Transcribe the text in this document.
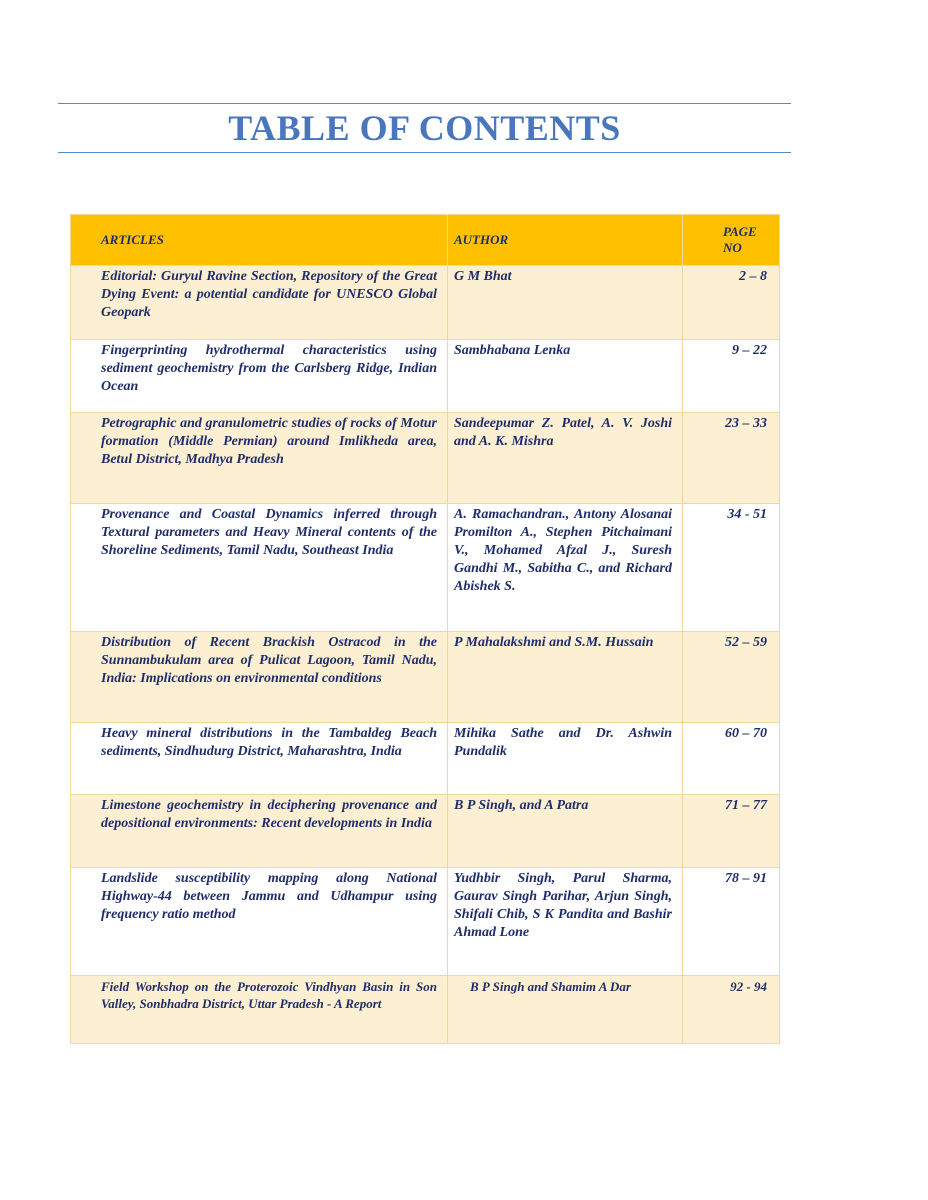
TABLE OF CONTENTS
ARTICLES	AUTHOR	PAGE
NO
Editorial: Guryul Ravine Section, Repository of the Great Dying Event: a potential candidate for UNESCO Global Geopark	G M Bhat	2 – 8
Fingerprinting hydrothermal characteristics using sediment geochemistry from the Carlsberg Ridge, Indian Ocean	Sambhabana Lenka	9 – 22
Petrographic and granulometric studies of rocks of Motur formation (Middle Permian) around Imlikheda area, Betul District, Madhya Pradesh	Sandeepumar Z. Patel, A. V. Joshi and A. K. Mishra	23 – 33
Provenance and Coastal Dynamics inferred through Textural parameters and Heavy Mineral contents of the Shoreline Sediments, Tamil Nadu, Southeast India	A. Ramachandran., Antony Alosanai Promilton A., Stephen Pitchaimani V., Mohamed Afzal J., Suresh Gandhi M., Sabitha C., and Richard Abishek S.	34 - 51
Distribution of Recent Brackish Ostracod in the Sunnambukulam area of Pulicat Lagoon, Tamil Nadu, India: Implications on environmental conditions	P Mahalakshmi and S.M. Hussain	52 – 59
Heavy mineral distributions in the Tambaldeg Beach sediments, Sindhudurg District, Maharashtra, India	Mihika Sathe and Dr. Ashwin Pundalik	60 – 70
Limestone geochemistry in deciphering provenance and depositional environments: Recent developments in India	B P Singh, and A Patra	71 – 77
Landslide susceptibility mapping along National Highway-44 between Jammu and Udhampur using frequency ratio method	Yudhbir Singh, Parul Sharma, Gaurav Singh Parihar, Arjun Singh, Shifali Chib, S K Pandita and Bashir Ahmad Lone	78 – 91
Field Workshop on the Proterozoic Vindhyan Basin in Son Valley, Sonbhadra District, Uttar Pradesh - A Report	B P Singh and Shamim A Dar	92 - 94
